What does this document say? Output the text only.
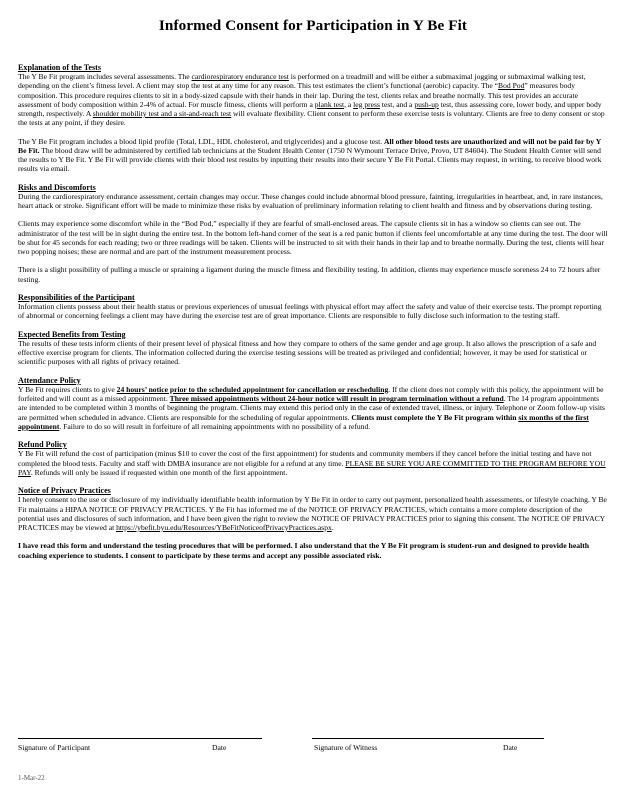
Informed Consent for Participation in Y Be Fit

Explanation of the Tests

The Y Be Fit program includes several assessments. The cardiorespiratory endurance test is performed on a treadmill and will be either a submaximal jogging or submaximal walking test, depending on the client’s fitness level. A client may stop the test at any time for any reason. This test estimates the client’s functional (aerobic) capacity. The “Bod Pod” measures body composition. This procedure requires clients to sit in a body-sized capsule with their hands in their lap. During the test, clients relax and breathe normally. This test provides an accurate assessment of body composition within 2-4% of actual. For muscle fitness, clients will perform a plank test, a leg press test, and a push-up test, thus assessing core, lower body, and upper body strength, respectively. A shoulder mobility test and a sit-and-reach test will evaluate flexibility. Client consent to perform these exercise tests is voluntary. Clients are free to deny consent or stop the tests at any point, if they desire.

The Y Be Fit program includes a blood lipid profile (Total, LDL, HDL cholesterol, and triglycerides) and a glucose test. All other blood tests are unauthorized and will not be paid for by Y Be Fit. The blood draw will be administered by certified lab technicians at the Student Health Center (1750 N Wymount Terrace Drive, Provo, UT 84604). The Student Health Center will send the results to Y Be Fit. Y Be Fit will provide clients with their blood test results by inputting their results into their secure Y Be Fit Portal. Clients may request, in writing, to receive blood work results via email.

Risks and Discomforts

During the cardiorespiratory endurance assessment, certain changes may occur. These changes could include abnormal blood pressure, fainting, irregularities in heartbeat, and, in rare instances, heart attack or stroke. Significant effort will be made to minimize these risks by evaluation of preliminary information relating to client health and fitness and by observations during testing.

Clients may experience some discomfort while in the “Bod Pod,” especially if they are fearful of small-enclosed areas. The capsule clients sit in has a window so clients can see out. The administrator of the test will be in sight during the entire test. In the bottom left-hand corner of the seat is a red panic button if clients feel uncomfortable at any time during the test. The door will be shut for 45 seconds for each reading; two or three readings will be taken. Clients will be instructed to sit with their hands in their lap and to breathe normally. During the test, clients will hear two popping noises; these are normal and are part of the instrument measurement process.

There is a slight possibility of pulling a muscle or spraining a ligament during the muscle fitness and flexibility testing. In addition, clients may experience muscle soreness 24 to 72 hours after testing.

Responsibilities of the Participant

Information clients possess about their health status or previous experiences of unusual feelings with physical effort may affect the safety and value of their exercise tests. The prompt reporting of abnormal or concerning feelings a client may have during the exercise test are of great importance. Clients are responsible to fully disclose such information to the testing staff.

Expected Benefits from Testing

The results of these tests inform clients of their present level of physical fitness and how they compare to others of the same gender and age group. It also allows the prescription of a safe and effective exercise program for clients. The information collected during the exercise testing sessions will be treated as privileged and confidential; however, it may be used for statistical or scientific purposes with all rights of privacy retained.

Attendance Policy

Y Be Fit requires clients to give 24 hours’ notice prior to the scheduled appointment for cancellation or rescheduling. If the client does not comply with this policy, the appointment will be forfeited and will count as a missed appointment. Three missed appointments without 24-hour notice will result in program termination without a refund. The 14 program appointments are intended to be completed within 3 months of beginning the program. Clients may extend this period only in the case of extended travel, illness, or injury. Telephone or Zoom follow-up visits are permitted when scheduled in advance. Clients are responsible for the scheduling of regular appointments. Clients must complete the Y Be Fit program within six months of the first appointment. Failure to do so will result in forfeiture of all remaining appointments with no possibility of a refund.

Refund Policy

Y Be Fit will refund the cost of participation (minus $10 to cover the cost of the first appointment) for students and community members if they cancel before the initial testing and have not completed the blood tests. Faculty and staff with DMBA insurance are not eligible for a refund at any time. PLEASE BE SURE YOU ARE COMMITTED TO THE PROGRAM BEFORE YOU PAY. Refunds will only be issued if requested within one month of the first appointment.

Notice of Privacy Practices

I hereby consent to the use or disclosure of my individually identifiable health information by Y Be Fit in order to carry out payment, personalized health assessments, or lifestyle coaching. Y Be Fit maintains a HIPAA NOTICE OF PRIVACY PRACTICES. Y Be Fit has informed me of the NOTICE OF PRIVACY PRACTICES, which contains a more complete description of the potential uses and disclosures of such information, and I have been given the right to review the NOTICE OF PRIVACY PRACTICES prior to signing this consent. The NOTICE OF PRIVACY PRACTICES may be viewed at https://ybefit.byu.edu/Resources/YBeFitNoticeofPrivacyPractices.aspx.

I have read this form and understand the testing procedures that will be performed. I also understand that the Y Be Fit program is student-run and designed to provide health coaching experience to students. I consent to participate by these terms and accept any possible associated risk.

Signature of Participant	Date	Signature of Witness	Date
1-Mar-22
